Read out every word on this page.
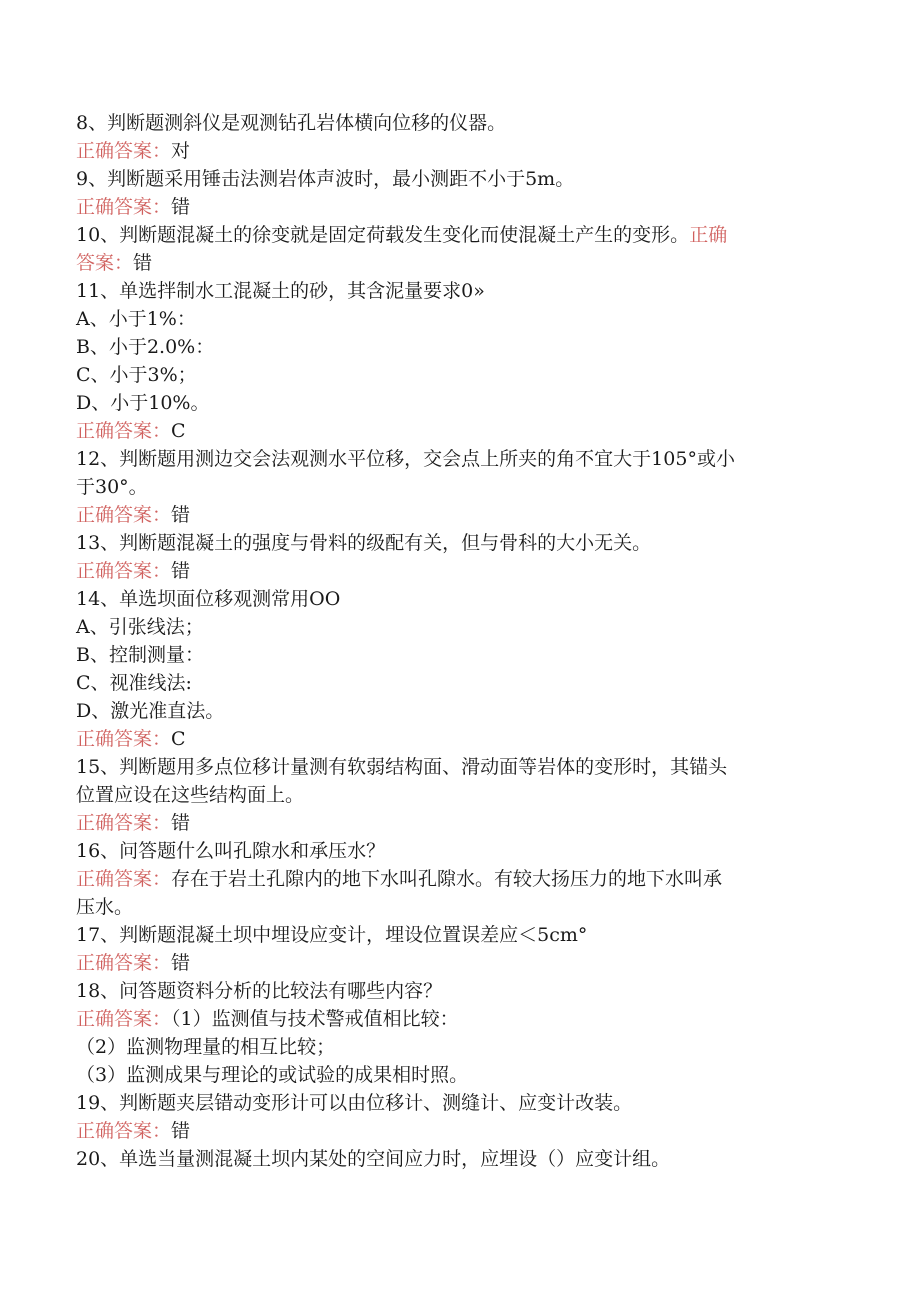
8、判断题测斜仪是观测钻孔岩体横向位移的仪器。
正确答案：对
9、判断题采用锤击法测岩体声波时，最小测距不小于5m。
正确答案：错
10、判断题混凝土的徐变就是固定荷载发生变化而使混凝土产生的变形。正确
答案：错
11、单选拌制水工混凝土的砂，其含泥量要求0»
A、小于1%：
B、小于2.0%：
C、小于3%；
D、小于10%。
正确答案：C
12、判断题用测边交会法观测水平位移，交会点上所夹的角不宜大于105°或小
于30°。
正确答案：错
13、判断题混凝土的强度与骨料的级配有关，但与骨科的大小无关。
正确答案：错
14、单选坝面位移观测常用OO
A、引张线法；
B、控制测量：
C、视准线法:
D、激光准直法。
正确答案：C
15、判断题用多点位移计量测有软弱结构面、滑动面等岩体的变形时，其锚头
位置应设在这些结构面上。
正确答案：错
16、问答题什么叫孔隙水和承压水？
正确答案：存在于岩土孔隙内的地下水叫孔隙水。有较大扬压力的地下水叫承
压水。
17、判断题混凝土坝中埋设应变计，埋设位置误差应＜5cm°
正确答案：错
18、问答题资料分析的比较法有哪些内容？
正确答案：（1）监测值与技术警戒值相比较：
（2）监测物理量的相互比较；
（3）监测成果与理论的或试验的成果相时照。
19、判断题夹层错动变形计可以由位移计、测缝计、应变计改装。
正确答案：错
20、单选当量测混凝土坝内某处的空间应力时，应埋设（）应变计组。
